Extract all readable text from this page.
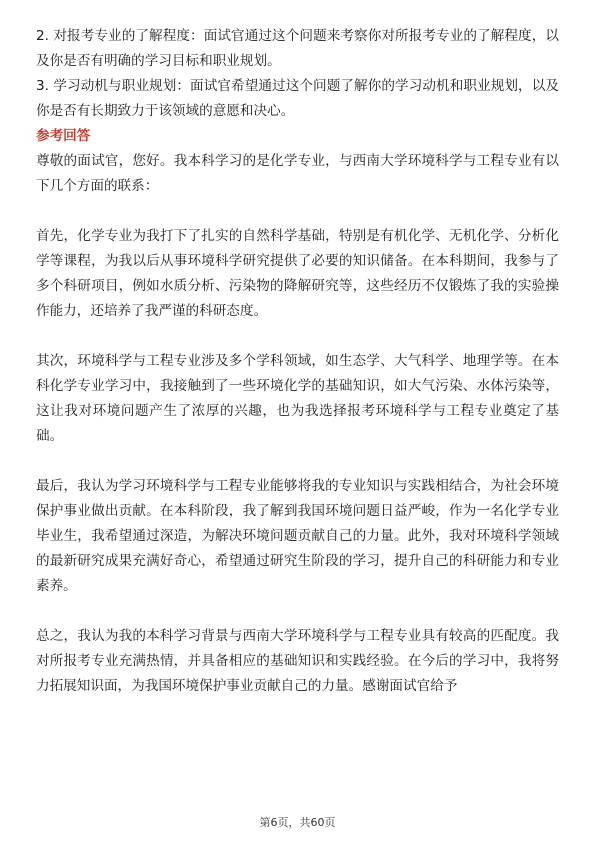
2. 对报考专业的了解程度：面试官通过这个问题来考察你对所报考专业的了解程度，以及你是否有明确的学习目标和职业规划。

3. 学习动机与职业规划：面试官希望通过这个问题了解你的学习动机和职业规划，以及你是否有长期致力于该领域的意愿和决心。

参考回答

尊敬的面试官，您好。我本科学习的是化学专业，与西南大学环境科学与工程专业有以下几个方面的联系：

首先，化学专业为我打下了扎实的自然科学基础，特别是有机化学、无机化学、分析化学等课程，为我以后从事环境科学研究提供了必要的知识储备。在本科期间，我参与了多个科研项目，例如水质分析、污染物的降解研究等，这些经历不仅锻炼了我的实验操作能力，还培养了我严谨的科研态度。

其次，环境科学与工程专业涉及多个学科领域，如生态学、大气科学、地理学等。在本科化学专业学习中，我接触到了一些环境化学的基础知识，如大气污染、水体污染等，这让我对环境问题产生了浓厚的兴趣，也为我选择报考环境科学与工程专业奠定了基础。

最后，我认为学习环境科学与工程专业能够将我的专业知识与实践相结合，为社会环境保护事业做出贡献。在本科阶段，我了解到我国环境问题日益严峻，作为一名化学专业毕业生，我希望通过深造，为解决环境问题贡献自己的力量。此外，我对环境科学领域的最新研究成果充满好奇心，希望通过研究生阶段的学习，提升自己的科研能力和专业素养。

总之，我认为我的本科学习背景与西南大学环境科学与工程专业具有较高的匹配度。我对所报考专业充满热情，并具备相应的基础知识和实践经验。在今后的学习中，我将努力拓展知识面，为我国环境保护事业贡献自己的力量。感谢面试官给予

第6页，共60页
